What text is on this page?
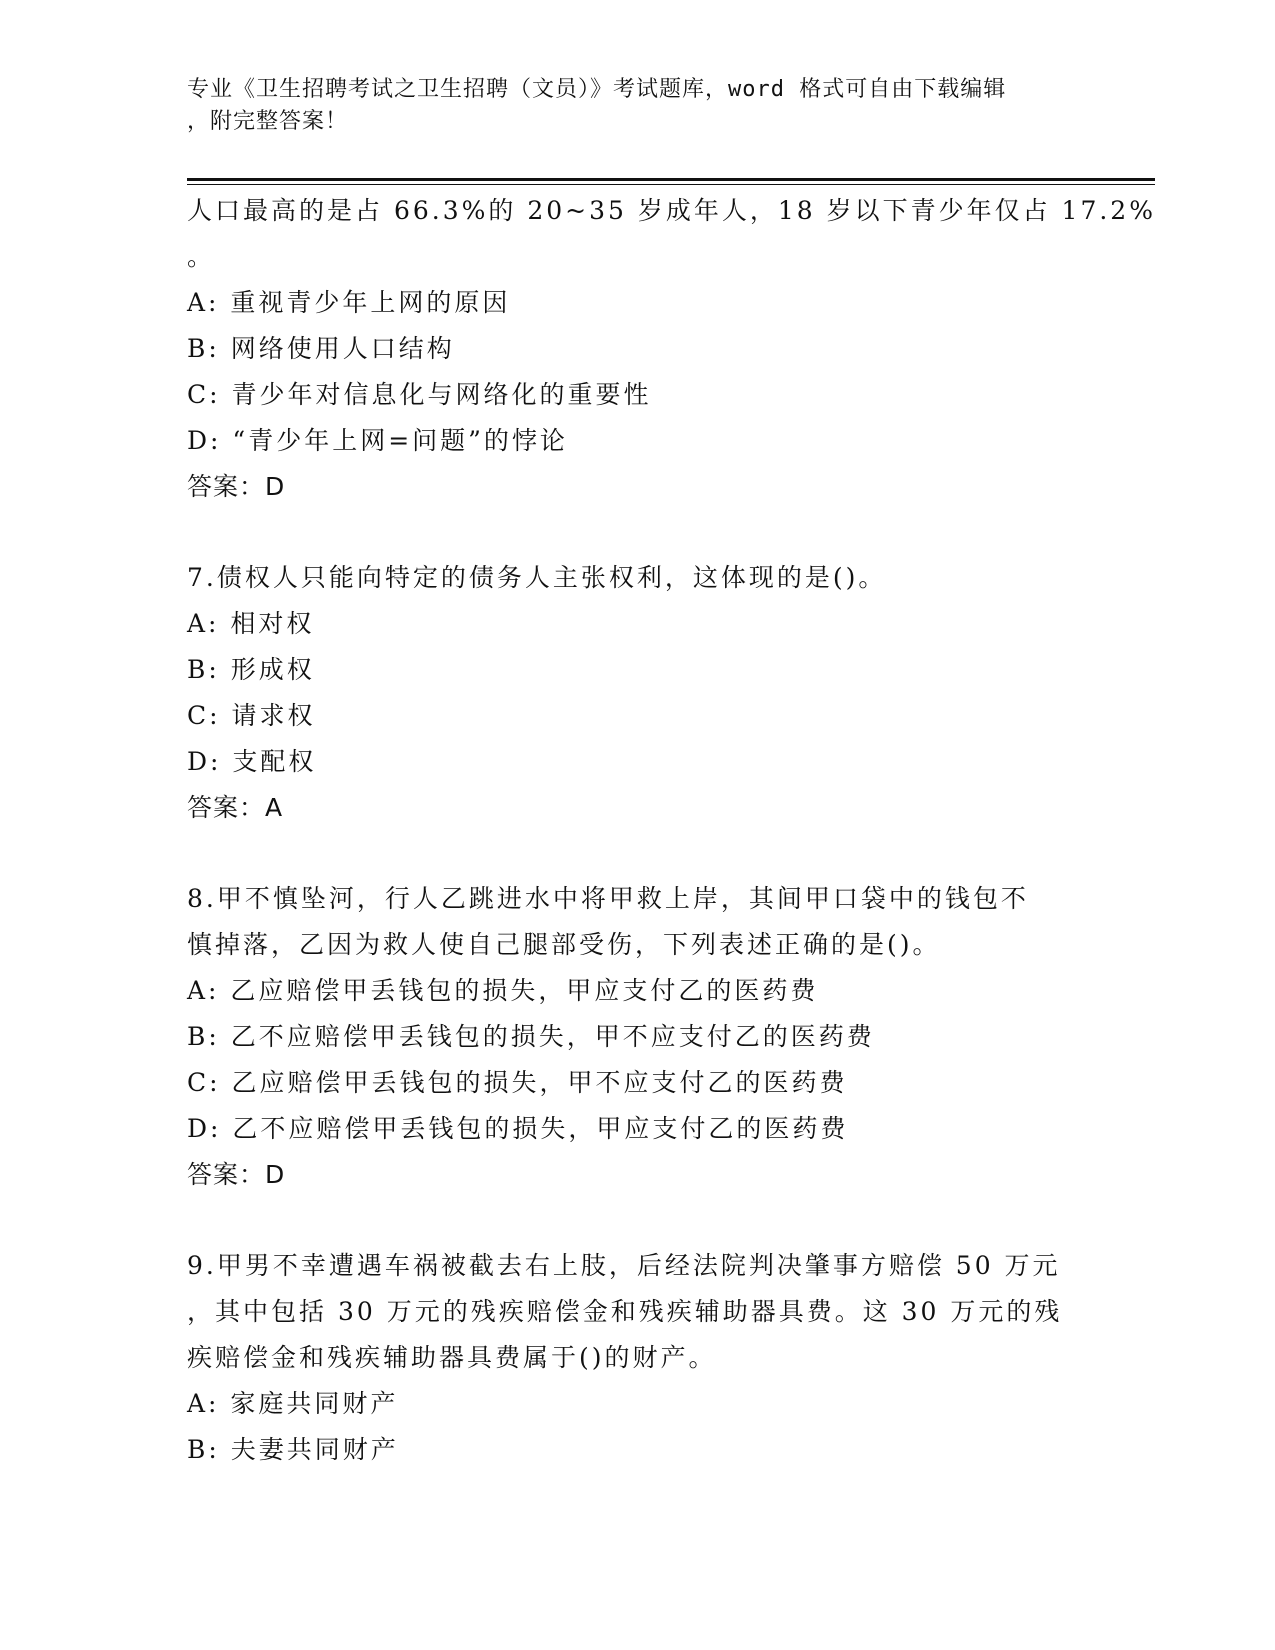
专业《卫生招聘考试之卫生招聘（文员）》考试题库，word 格式可自由下载编辑
，附完整答案！
人口最高的是占 66.3%的 20~35 岁成年人，18 岁以下青少年仅占 17.2%
。
A: 重视青少年上网的原因
B: 网络使用人口结构
C: 青少年对信息化与网络化的重要性
D: “青少年上网=问题”的悖论
答案：D
7.债权人只能向特定的债务人主张权利，这体现的是()。
A: 相对权
B: 形成权
C: 请求权
D: 支配权
答案：A
8.甲不慎坠河，行人乙跳进水中将甲救上岸，其间甲口袋中的钱包不
慎掉落，乙因为救人使自己腿部受伤，下列表述正确的是()。
A: 乙应赔偿甲丢钱包的损失，甲应支付乙的医药费
B: 乙不应赔偿甲丢钱包的损失，甲不应支付乙的医药费
C: 乙应赔偿甲丢钱包的损失，甲不应支付乙的医药费
D: 乙不应赔偿甲丢钱包的损失，甲应支付乙的医药费
答案：D
9.甲男不幸遭遇车祸被截去右上肢，后经法院判决肇事方赔偿 50 万元
，其中包括 30 万元的残疾赔偿金和残疾辅助器具费。这 30 万元的残
疾赔偿金和残疾辅助器具费属于()的财产。
A: 家庭共同财产
B: 夫妻共同财产
